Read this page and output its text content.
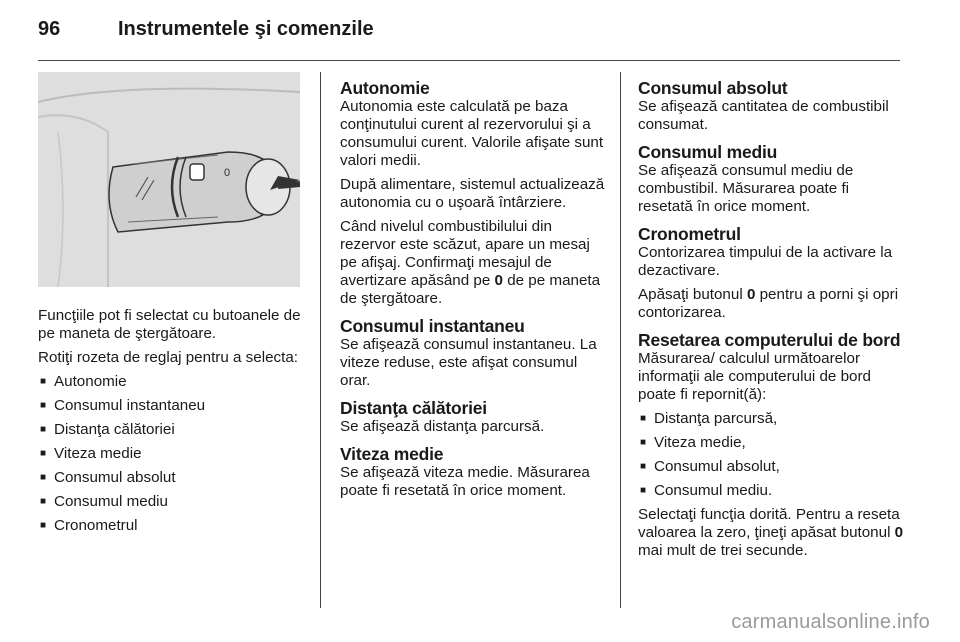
96	Instrumentele şi comenzile
0

Funcţiile pot fi selectat cu butoanele de pe maneta de ştergătoare.

Rotiţi rozeta de reglaj pentru a selecta:

■ Autonomie
■ Consumul instantaneu
■ Distanţa călătoriei
■ Viteza medie
■ Consumul absolut
■ Consumul mediu
■ Cronometrul
Autonomie

Autonomia este calculată pe baza conţinutului curent al rezervorului şi a consumului curent. Valorile afişate sunt valori medii.

După alimentare, sistemul actualizează autonomia cu o uşoară întârziere.

Când nivelul combustibilului din rezervor este scăzut, apare un mesaj pe afişaj. Confirmaţi mesajul de avertizare apăsând pe 0 de pe maneta de ştergătoare.

Consumul instantaneu

Se afişează consumul instantaneu. La viteze reduse, este afişat consumul orar.

Distanţa călătoriei

Se afişează distanţa parcursă.

Viteza medie

Se afişează viteza medie. Măsurarea poate fi resetată în orice moment.

Consumul absolut

Se afişează cantitatea de combustibil consumat.

Consumul mediu

Se afişează consumul mediu de combustibil. Măsurarea poate fi resetată în orice moment.

Cronometrul

Contorizarea timpului de la activare la dezactivare.

Apăsaţi butonul 0 pentru a porni şi opri contorizarea.

Resetarea computerului de bord

Măsurarea/ calculul următoarelor informaţii ale computerului de bord poate fi repornit(ă):

■ Distanţa parcursă,
■ Viteza medie,
■ Consumul absolut,
■ Consumul mediu.

Selectaţi funcţia dorită. Pentru a reseta valoarea la zero, ţineţi apăsat butonul 0 mai mult de trei secunde.

carmanualsonline.info
